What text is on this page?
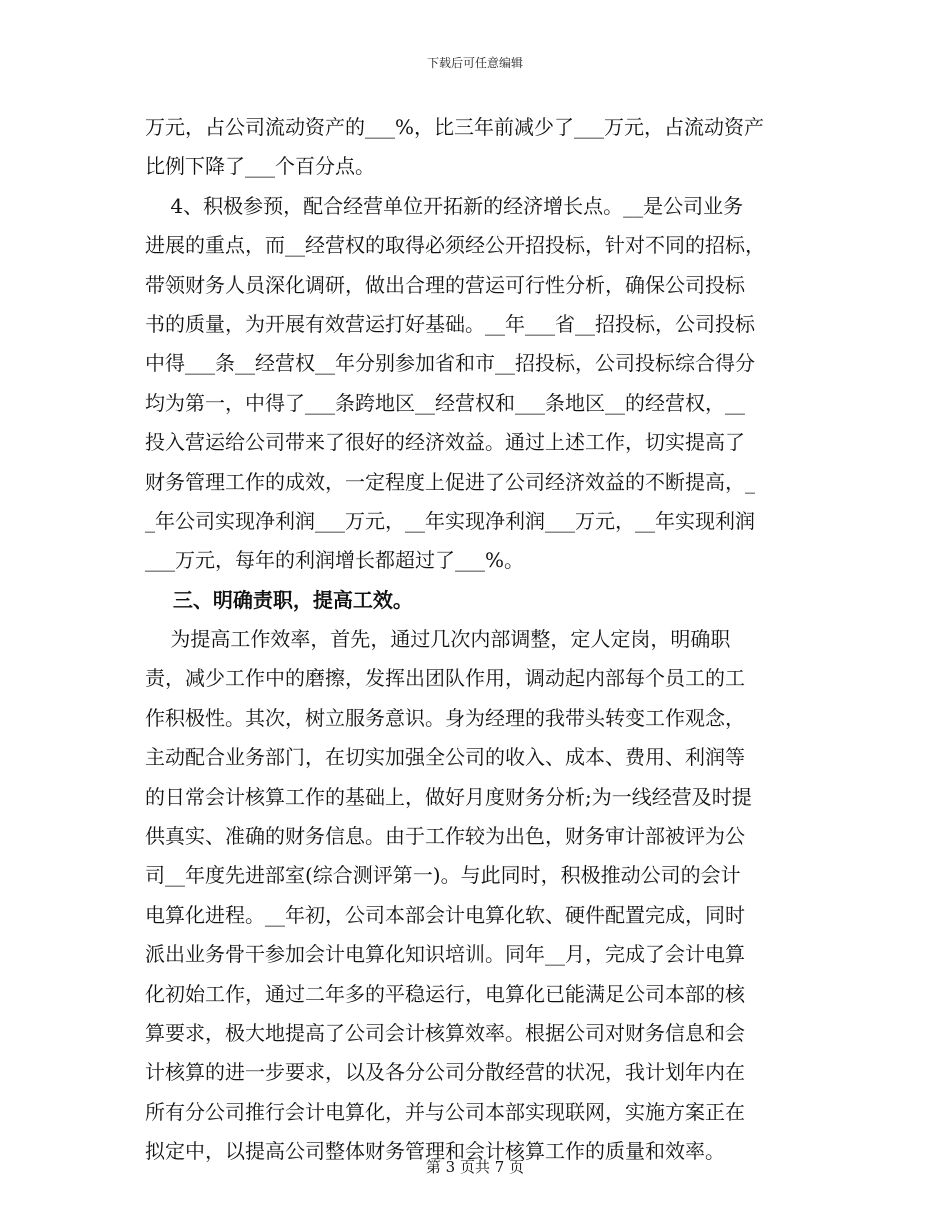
下载后可任意编辑
万元，占公司流动资产的___%，比三年前减少了___万元，占流动资产
比例下降了___个百分点。
4、积极参预，配合经营单位开拓新的经济增长点。__是公司业务
进展的重点，而__经营权的取得必须经公开招投标，针对不同的招标，
带领财务人员深化调研，做出合理的营运可行性分析，确保公司投标
书的质量，为开展有效营运打好基础。__年___省__招投标，公司投标
中得___条__经营权__年分别参加省和市__招投标，公司投标综合得分
均为第一，中得了___条跨地区__经营权和___条地区__的经营权，__
投入营运给公司带来了很好的经济效益。通过上述工作，切实提高了
财务管理工作的成效，一定程度上促进了公司经济效益的不断提高，_
_年公司实现净利润___万元，__年实现净利润___万元，__年实现利润
___万元，每年的利润增长都超过了___%。
三、明确责职，提高工效。
为提高工作效率，首先，通过几次内部调整，定人定岗，明确职
责，减少工作中的磨擦，发挥出团队作用，调动起内部每个员工的工
作积极性。其次，树立服务意识。身为经理的我带头转变工作观念，
主动配合业务部门，在切实加强全公司的收入、成本、费用、利润等
的日常会计核算工作的基础上，做好月度财务分析;为一线经营及时提
供真实、准确的财务信息。由于工作较为出色，财务审计部被评为公
司__年度先进部室(综合测评第一)。与此同时，积极推动公司的会计
电算化进程。__年初，公司本部会计电算化软、硬件配置完成，同时
派出业务骨干参加会计电算化知识培训。同年__月，完成了会计电算
化初始工作，通过二年多的平稳运行，电算化已能满足公司本部的核
算要求，极大地提高了公司会计核算效率。根据公司对财务信息和会
计核算的进一步要求，以及各分公司分散经营的状况，我计划年内在
所有分公司推行会计电算化，并与公司本部实现联网，实施方案正在
拟定中，以提高公司整体财务管理和会计核算工作的质量和效率。
第 3 页共 7 页
